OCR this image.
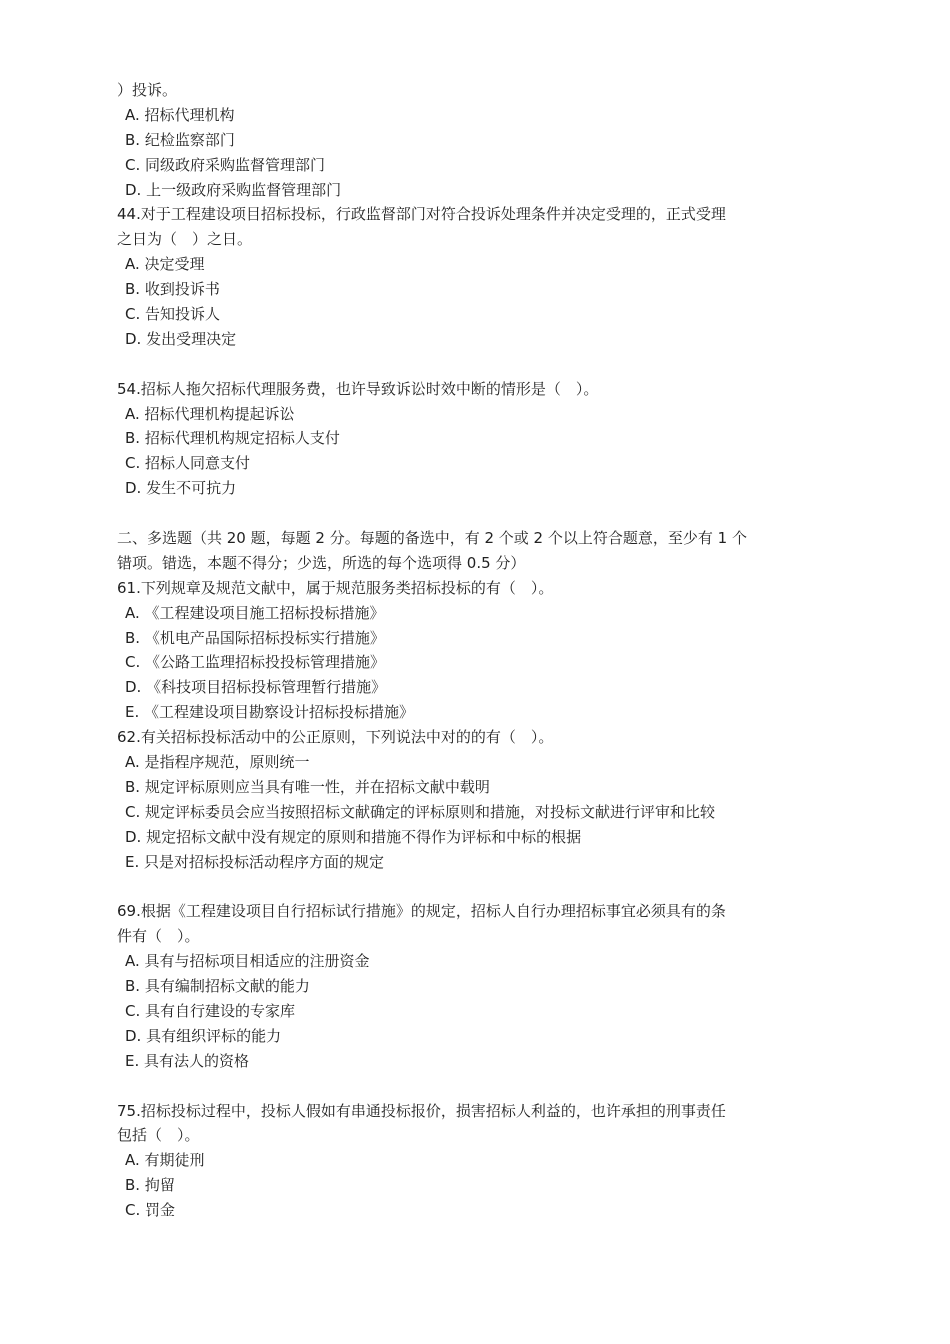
）投诉。
A. 招标代理机构
B. 纪检监察部门
C. 同级政府采购监督管理部门
D. 上一级政府采购监督管理部门
44.对于工程建设项目招标投标，行政监督部门对符合投诉处理条件并决定受理的，正式受理
之日为（　）之日。
A. 决定受理
B. 收到投诉书
C. 告知投诉人
D. 发出受理决定
54.招标人拖欠招标代理服务费，也许导致诉讼时效中断的情形是（　）。
A. 招标代理机构提起诉讼
B. 招标代理机构规定招标人支付
C. 招标人同意支付
D. 发生不可抗力
二、多选题（共 20 题，每题 2 分。每题的备选中，有 2 个或 2 个以上符合题意，至少有 1 个
错项。错选，本题不得分；少选，所选的每个选项得 0.5 分）
61.下列规章及规范文献中，属于规范服务类招标投标的有（　）。
A. 《工程建设项目施工招标投标措施》
B. 《机电产品国际招标投标实行措施》
C. 《公路工监理招标投投标管理措施》
D. 《科技项目招标投标管理暂行措施》
E. 《工程建设项目勘察设计招标投标措施》
62.有关招标投标活动中的公正原则，下列说法中对的的有（　）。
A. 是指程序规范，原则统一
B. 规定评标原则应当具有唯一性，并在招标文献中载明
C. 规定评标委员会应当按照招标文献确定的评标原则和措施，对投标文献进行评审和比较
D. 规定招标文献中没有规定的原则和措施不得作为评标和中标的根据
E. 只是对招标投标活动程序方面的规定
69.根据《工程建设项目自行招标试行措施》的规定，招标人自行办理招标事宜必须具有的条
件有（　）。
A. 具有与招标项目相适应的注册资金
B. 具有编制招标文献的能力
C. 具有自行建设的专家库
D. 具有组织评标的能力
E. 具有法人的资格
75.招标投标过程中，投标人假如有串通投标报价，损害招标人利益的，也许承担的刑事责任
包括（　）。
A. 有期徒刑
B. 拘留
C. 罚金
